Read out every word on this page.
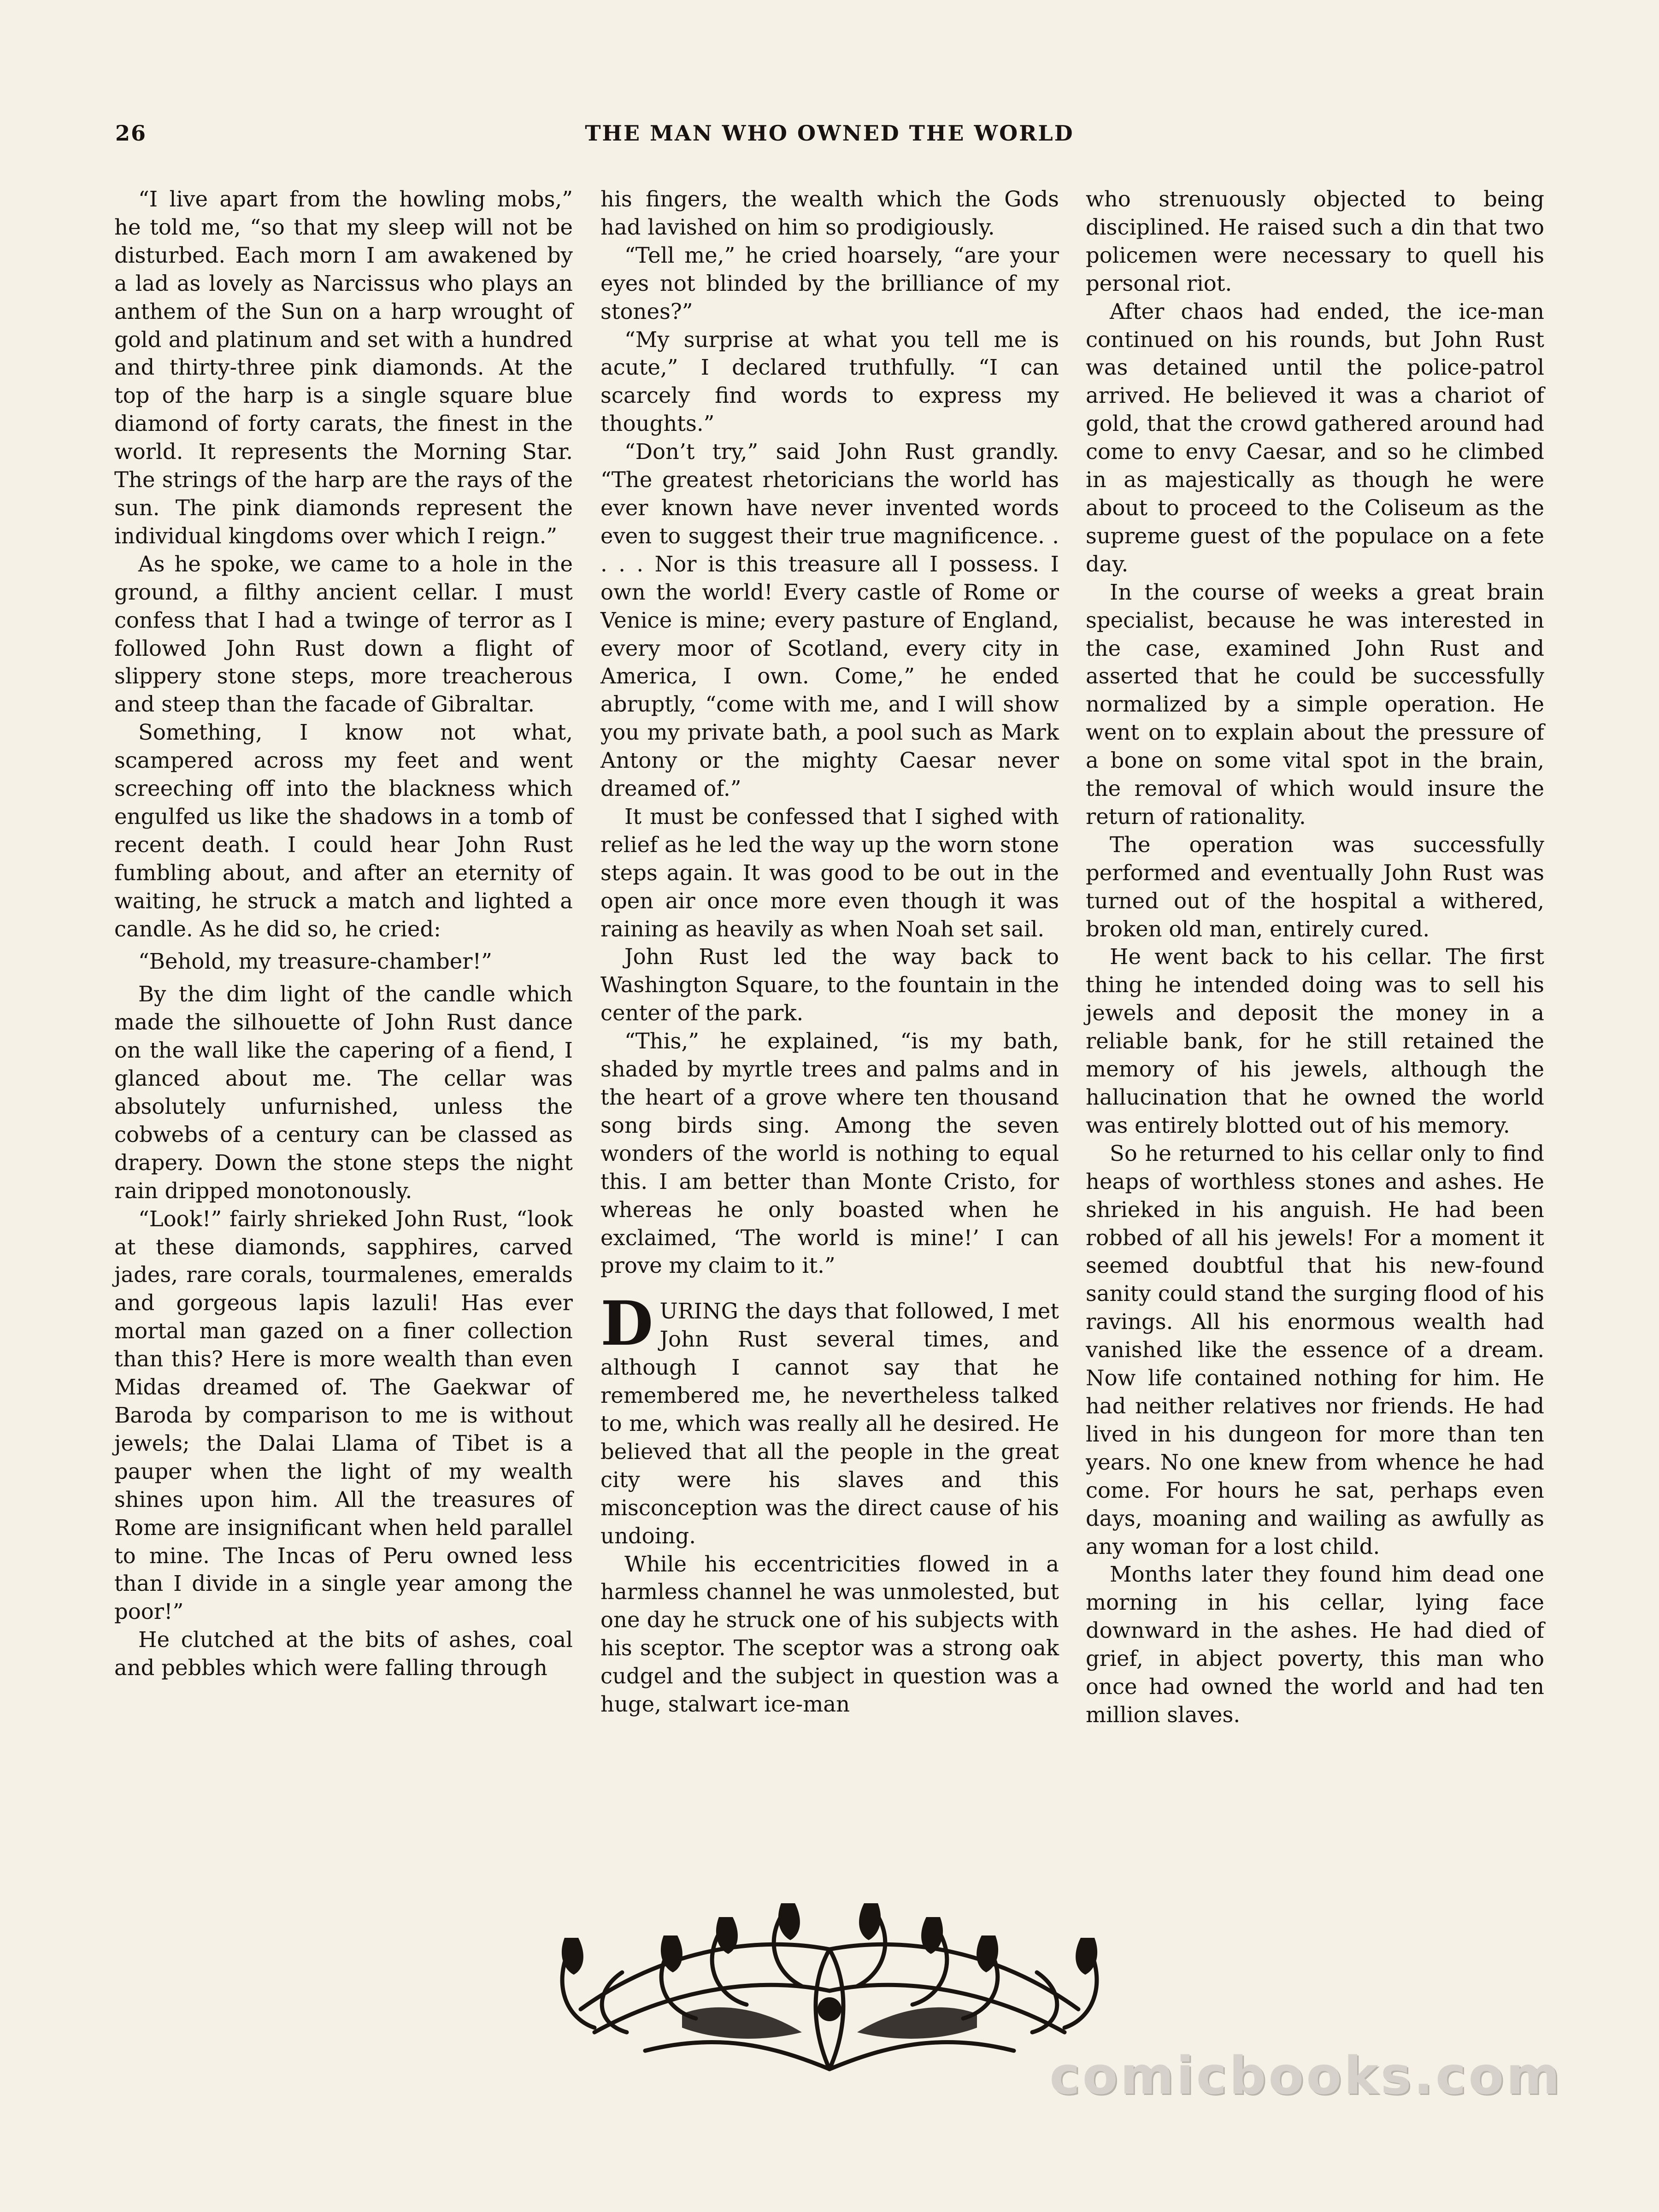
26	THE MAN WHO OWNED THE WORLD

“I live apart from the howling mobs,” he told me, “so that my sleep will not be disturbed. Each morn I am awakened by a lad as lovely as Narcissus who plays an anthem of the Sun on a harp wrought of gold and platinum and set with a hundred and thirty-three pink diamonds. At the top of the harp is a single square blue diamond of forty carats, the finest in the world. It represents the Morning Star. The strings of the harp are the rays of the sun. The pink diamonds represent the individual kingdoms over which I reign.”

As he spoke, we came to a hole in the ground, a filthy ancient cellar. I must confess that I had a twinge of terror as I followed John Rust down a flight of slippery stone steps, more treacherous and steep than the facade of Gibraltar.

Something, I know not what, scampered across my feet and went screeching off into the blackness which engulfed us like the shadows in a tomb of recent death. I could hear John Rust fumbling about, and after an eternity of waiting, he struck a match and lighted a candle. As he did so, he cried:

“Behold, my treasure-chamber!”

By the dim light of the candle which made the silhouette of John Rust dance on the wall like the capering of a fiend, I glanced about me. The cellar was absolutely unfurnished, unless the cobwebs of a century can be classed as drapery. Down the stone steps the night rain dripped monotonously.

“Look!” fairly shrieked John Rust, “look at these diamonds, sapphires, carved jades, rare corals, tourmalenes, emeralds and gorgeous lapis lazuli! Has ever mortal man gazed on a finer collection than this? Here is more wealth than even Midas dreamed of. The Gaekwar of Baroda by comparison to me is without jewels; the Dalai Llama of Tibet is a pauper when the light of my wealth shines upon him. All the treasures of Rome are insignificant when held parallel to mine. The Incas of Peru owned less than I divide in a single year among the poor!”

He clutched at the bits of ashes, coal and pebbles which were falling through

his fingers, the wealth which the Gods had lavished on him so prodigiously.

“Tell me,” he cried hoarsely, “are your eyes not blinded by the brilliance of my stones?”

“My surprise at what you tell me is acute,” I declared truthfully. “I can scarcely find words to express my thoughts.”

“Don’t try,” said John Rust grandly. “The greatest rhetoricians the world has ever known have never invented words even to suggest their true magnificence. . . . . Nor is this treasure all I possess. I own the world! Every castle of Rome or Venice is mine; every pasture of England, every moor of Scotland, every city in America, I own. Come,” he ended abruptly, “come with me, and I will show you my private bath, a pool such as Mark Antony or the mighty Caesar never dreamed of.”

It must be confessed that I sighed with relief as he led the way up the worn stone steps again. It was good to be out in the open air once more even though it was raining as heavily as when Noah set sail.

John Rust led the way back to Washington Square, to the fountain in the center of the park.

“This,” he explained, “is my bath, shaded by myrtle trees and palms and in the heart of a grove where ten thousand song birds sing. Among the seven wonders of the world is nothing to equal this. I am better than Monte Cristo, for whereas he only boasted when he exclaimed, ‘The world is mine!’ I can prove my claim to it.”

DURING the days that followed, I met John Rust several times, and although I cannot say that he remembered me, he nevertheless talked to me, which was really all he desired. He believed that all the people in the great city were his slaves and this misconception was the direct cause of his undoing.

While his eccentricities flowed in a harmless channel he was unmolested, but one day he struck one of his subjects with his sceptor. The sceptor was a strong oak cudgel and the subject in question was a huge, stalwart ice-man

who strenuously objected to being disciplined. He raised such a din that two policemen were necessary to quell his personal riot.

After chaos had ended, the ice-man continued on his rounds, but John Rust was detained until the police-patrol arrived. He believed it was a chariot of gold, that the crowd gathered around had come to envy Caesar, and so he climbed in as majestically as though he were about to proceed to the Coliseum as the supreme guest of the populace on a fete day.

In the course of weeks a great brain specialist, because he was interested in the case, examined John Rust and asserted that he could be successfully normalized by a simple operation. He went on to explain about the pressure of a bone on some vital spot in the brain, the removal of which would insure the return of rationality.

The operation was successfully performed and eventually John Rust was turned out of the hospital a withered, broken old man, entirely cured.

He went back to his cellar. The first thing he intended doing was to sell his jewels and deposit the money in a reliable bank, for he still retained the memory of his jewels, although the hallucination that he owned the world was entirely blotted out of his memory.

So he returned to his cellar only to find heaps of worthless stones and ashes. He shrieked in his anguish. He had been robbed of all his jewels! For a moment it seemed doubtful that his new-found sanity could stand the surging flood of his ravings. All his enormous wealth had vanished like the essence of a dream. Now life contained nothing for him. He had neither relatives nor friends. He had lived in his dungeon for more than ten years. No one knew from whence he had come. For hours he sat, perhaps even days, moaning and wailing as awfully as any woman for a lost child.

Months later they found him dead one morning in his cellar, lying face downward in the ashes. He had died of grief, in abject poverty, this man who once had owned the world and had ten million slaves.

comicbooks.com
